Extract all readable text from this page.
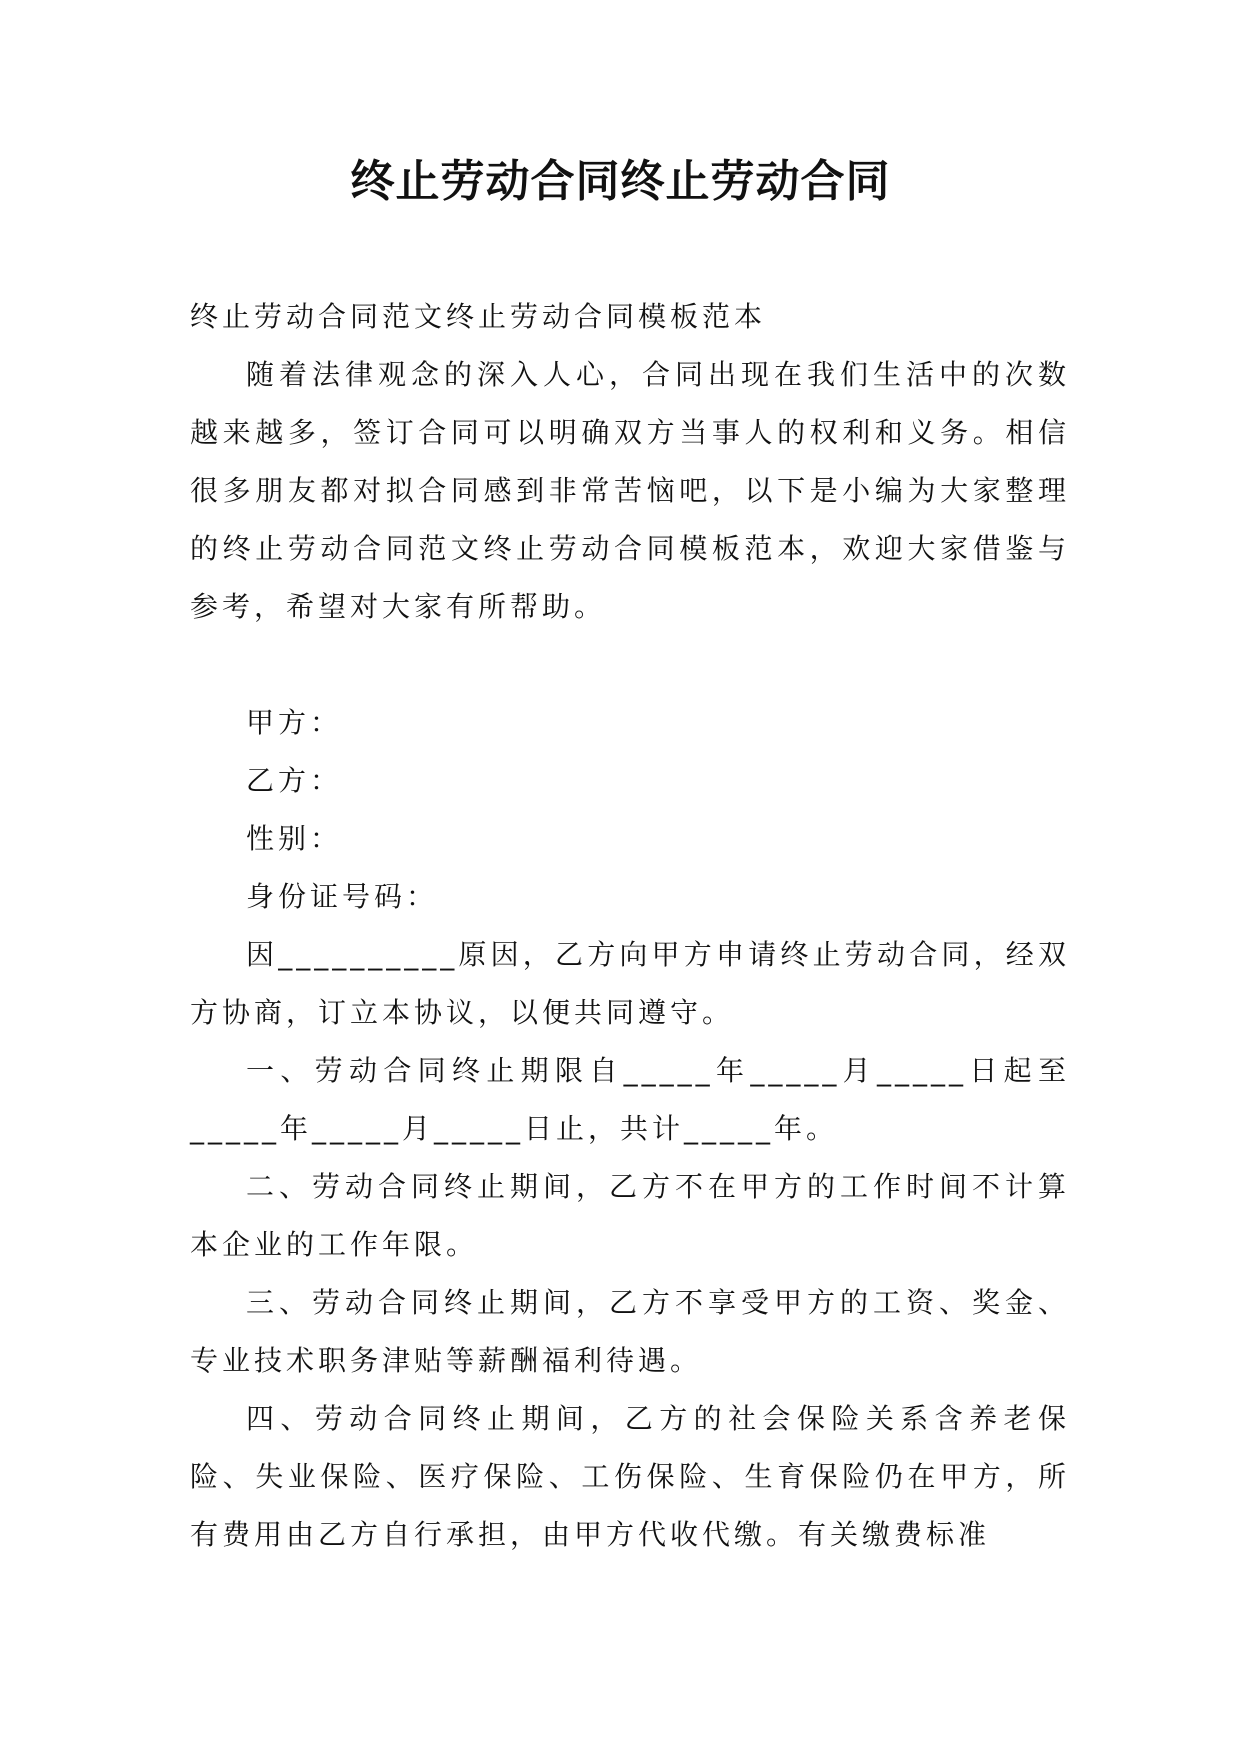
终止劳动合同终止劳动合同

终止劳动合同范文终止劳动合同模板范本

随着法律观念的深入人心，合同出现在我们生活中的次数越来越多，签订合同可以明确双方当事人的权利和义务。相信很多朋友都对拟合同感到非常苦恼吧，以下是小编为大家整理的终止劳动合同范文终止劳动合同模板范本，欢迎大家借鉴与参考，希望对大家有所帮助。

甲方：

乙方：

性别：

身份证号码：

因__________原因，乙方向甲方申请终止劳动合同，经双方协商，订立本协议，以便共同遵守。

一、劳动合同终止期限自_____年_____月_____日起至_____年_____月_____日止，共计_____年。

二、劳动合同终止期间，乙方不在甲方的工作时间不计算本企业的工作年限。

三、劳动合同终止期间，乙方不享受甲方的工资、奖金、专业技术职务津贴等薪酬福利待遇。

四、劳动合同终止期间，乙方的社会保险关系含养老保险、失业保险、医疗保险、工伤保险、生育保险仍在甲方，所有费用由乙方自行承担，由甲方代收代缴。有关缴费标准
